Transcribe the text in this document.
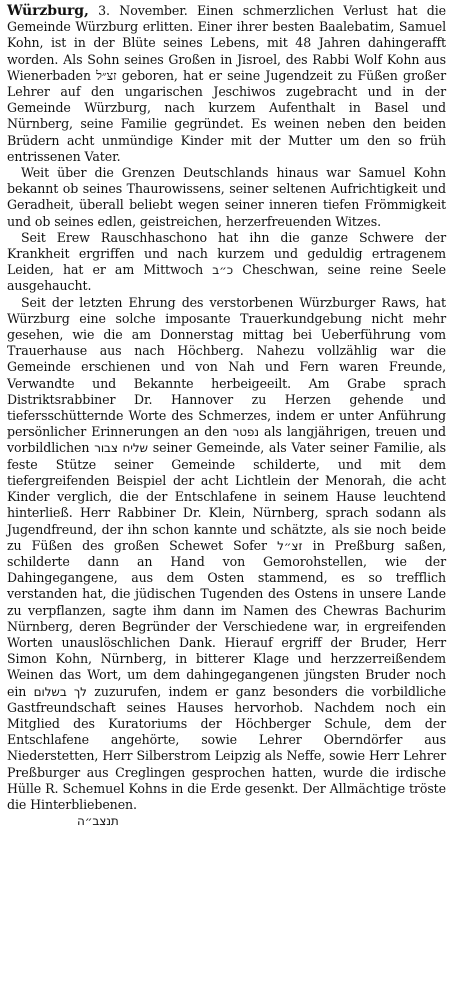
Würzburg, 3. November. Einen schmerzlichen Verlust hat die Gemeinde Würzburg erlitten. Einer ihrer besten Baalebatim, Samuel Kohn, ist in der Blüte seines Lebens, mit 48 Jahren dahingerafft worden. Als Sohn seines Großen in Jisroel, des Rabbi Wolf Kohn aus Wienerbaden זצ״ל geboren, hat er seine Jugendzeit zu Füßen großer Lehrer auf den ungarischen Jeschiwos zugebracht und in der Gemeinde Würzburg, nach kurzem Aufenthalt in Basel und Nürnberg, seine Familie gegründet. Es weinen neben den beiden Brüdern acht unmündige Kinder mit der Mutter um den so früh entrissenen Vater.

Weit über die Grenzen Deutschlands hinaus war Samuel Kohn bekannt ob seines Thaurowissens, seiner seltenen Aufrichtigkeit und Geradheit, überall beliebt wegen seiner inneren tiefen Frömmigkeit und ob seines edlen, geistreichen, herzerfreuenden Witzes.

Seit Erew Rauschhaschono hat ihn die ganze Schwere der Krankheit ergriffen und nach kurzem und geduldig ertragenem Leiden, hat er am Mittwoch כ״ב Cheschwan, seine reine Seele ausgehaucht.

Seit der letzten Ehrung des verstorbenen Würzburger Raws, hat Würzburg eine solche imposante Trauerkundgebung nicht mehr gesehen, wie die am Donnerstag mittag bei Ueberführung vom Trauerhause aus nach Höchberg. Nahezu vollzählig war die Gemeinde erschienen und von Nah und Fern waren Freunde, Verwandte und Bekannte herbeigeeilt. Am Grabe sprach Distriktsrabbiner Dr. Hannover zu Herzen gehende und tiefersschütternde Worte des Schmerzes, indem er unter Anführung persönlicher Erinnerungen an den נפטר als langjährigen, treuen und vorbildlichen שליח צבור seiner Gemeinde, als Vater seiner Familie, als feste Stütze seiner Gemeinde schilderte, und mit dem tiefergreifenden Beispiel der acht Lichtlein der Menorah, die acht Kinder verglich, die der Entschlafene in seinem Hause leuchtend hinterließ. Herr Rabbiner Dr. Klein, Nürnberg, sprach sodann als Jugendfreund, der ihn schon kannte und schätzte, als sie noch beide zu Füßen des großen Schewet Sofer זצ״ל in Preßburg saßen, schilderte dann an Hand von Gemorohstellen, wie der Dahingegangene, aus dem Osten stammend, es so trefflich verstanden hat, die jüdischen Tugenden des Ostens in unsere Lande zu verpflanzen, sagte ihm dann im Namen des Chewras Bachurim Nürnberg, deren Begründer der Verschiedene war, in ergreifenden Worten unauslöschlichen Dank. Hierauf ergriff der Bruder, Herr Simon Kohn, Nürnberg, in bitterer Klage und herzzerreißendem Weinen das Wort, um dem dahingegangenen jüngsten Bruder noch ein לך בשלום zuzurufen, indem er ganz besonders die vorbildliche Gastfreundschaft seines Hauses hervorhob. Nachdem noch ein Mitglied des Kuratoriums der Höchberger Schule, dem der Entschlafene angehörte, sowie Lehrer Oberndörfer aus Niederstetten, Herr Silberstrom Leipzig als Neffe, sowie Herr Lehrer Preßburger aus Creglingen gesprochen hatten, wurde die irdische Hülle R. Schemuel Kohns in die Erde gesenkt. Der Allmächtige tröste die Hinterbliebenen.

תנצב״ה
